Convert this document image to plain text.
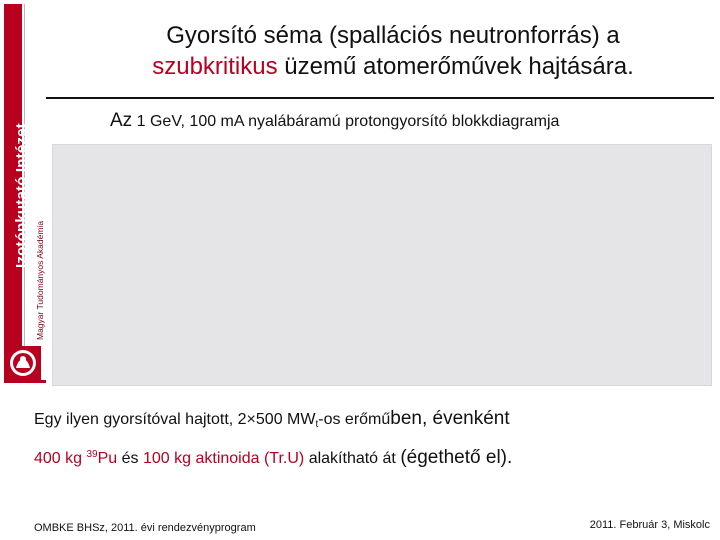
Izotópkutató Intézet
Magyar Tudományos Akadémia
Gyorsító séma (spallációs neutronforrás) a
szubkritikus üzemű atomerőművek hajtására.
Az 1 GeV, 100 mA nyalábáramú protongyorsító blokkdiagramja
Egy ilyen gyorsítóval hajtott, 2×500 $MW_t-os$ erőműben, évenként
400 kg $^{39}$Pu és 100 kg aktinoida (Tr.U) alakítható át (égethető el).
OMBKE BHSz, 2011. évi rendezvényprogram	2011. Február 3, Miskolc
